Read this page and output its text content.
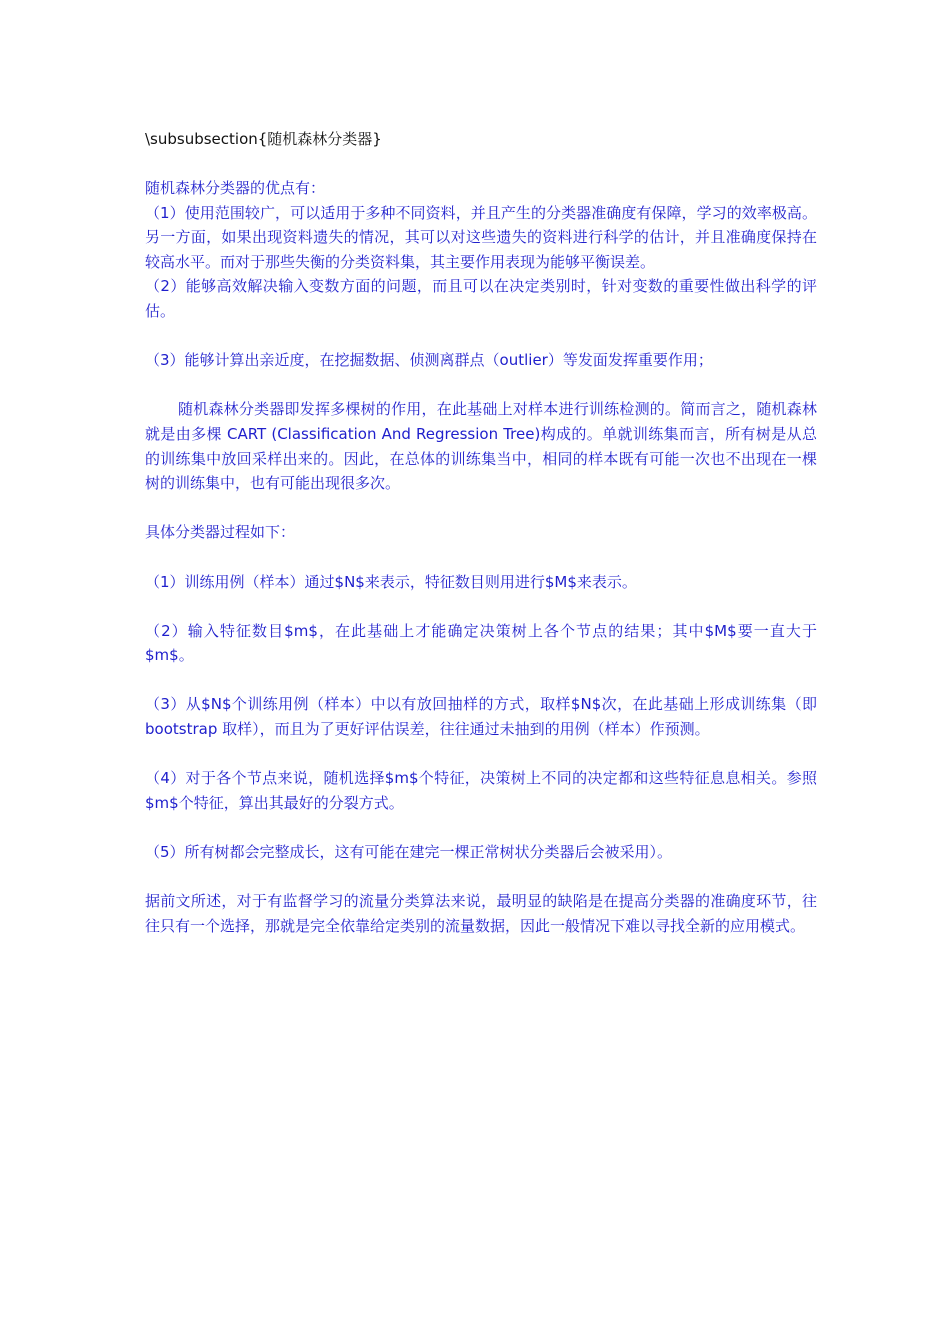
\subsubsection{随机森林分类器}

随机森林分类器的优点有：

（1）使用范围较广，可以适用于多种不同资料，并且产生的分类器准确度有保障，学习的效率极高。另一方面，如果出现资料遗失的情况，其可以对这些遗失的资料进行科学的估计，并且准确度保持在较高水平。而对于那些失衡的分类资料集，其主要作用表现为能够平衡误差。

（2）能够高效解决输入变数方面的问题，而且可以在决定类别时，针对变数的重要性做出科学的评估。

（3）能够计算出亲近度，在挖掘数据、侦测离群点（outlier）等发面发挥重要作用；

随机森林分类器即发挥多棵树的作用，在此基础上对样本进行训练检测的。简而言之，随机森林就是由多棵 CART (Classification And Regression Tree)构成的。单就训练集而言，所有树是从总的训练集中放回采样出来的。因此，在总体的训练集当中，相同的样本既有可能一次也不出现在一棵树的训练集中，也有可能出现很多次。

具体分类器过程如下：

（1）训练用例（样本）通过$N$来表示，特征数目则用进行$M$来表示。

（2）输入特征数目$m$，在此基础上才能确定决策树上各个节点的结果；其中$M$要一直大于$m$。

（3）从$N$个训练用例（样本）中以有放回抽样的方式，取样$N$次，在此基础上形成训练集（即 bootstrap 取样），而且为了更好评估误差，往往通过未抽到的用例（样本）作预测。

（4）对于各个节点来说，随机选择$m$个特征，决策树上不同的决定都和这些特征息息相关。参照$m$个特征，算出其最好的分裂方式。

（5）所有树都会完整成长，这有可能在建完一棵正常树状分类器后会被采用）。

据前文所述，对于有监督学习的流量分类算法来说，最明显的缺陷是在提高分类器的准确度环节，往往只有一个选择，那就是完全依靠给定类别的流量数据，因此一般情况下难以寻找全新的应用模式。
